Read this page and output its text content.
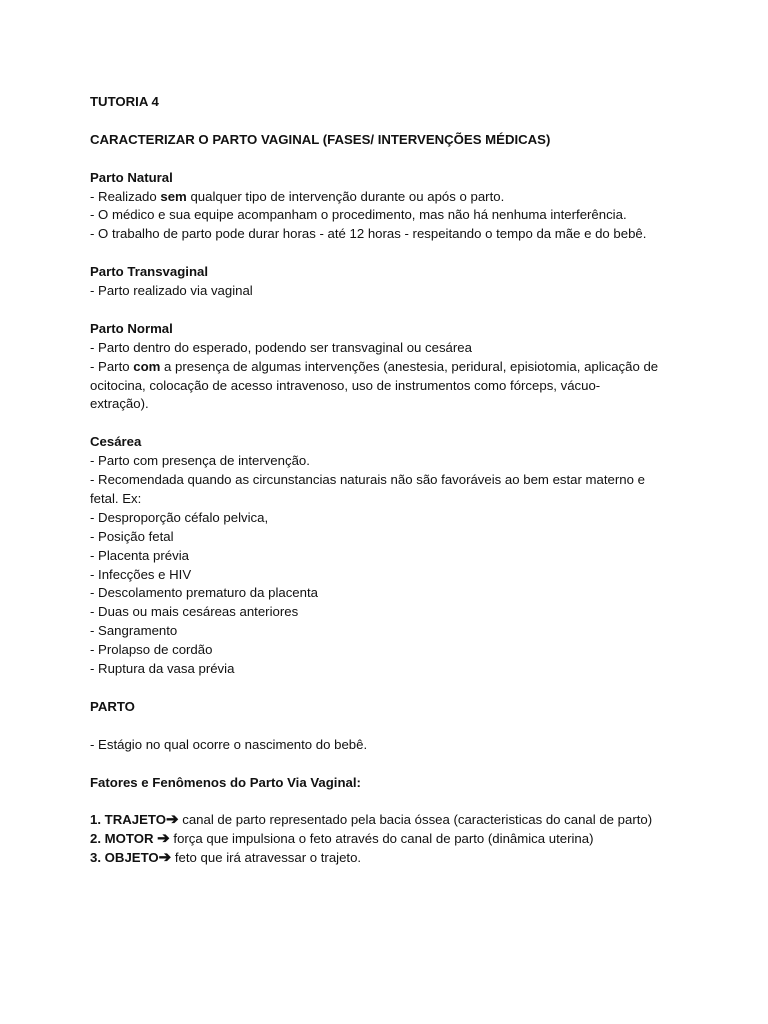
TUTORIA 4

CARACTERIZAR O PARTO VAGINAL (FASES/ INTERVENÇÕES MÉDICAS)

Parto Natural

- Realizado sem qualquer tipo de intervenção durante ou após o parto.

- O médico e sua equipe acompanham o procedimento, mas não há nenhuma interferência.

- O trabalho de parto pode durar horas - até 12 horas - respeitando o tempo da mãe e do bebê.

Parto Transvaginal

- Parto realizado via vaginal

Parto Normal

- Parto dentro do esperado, podendo ser transvaginal ou cesárea

- Parto com a presença de algumas intervenções (anestesia, peridural, episiotomia, aplicação de

ocitocina, colocação de acesso intravenoso, uso de instrumentos como fórceps, vácuo-

extração).

Cesárea

- Parto com presença de intervenção.

- Recomendada quando as circunstancias naturais não são favoráveis ao bem estar materno e

fetal. Ex:

- Desproporção céfalo pelvica,

- Posição fetal

- Placenta prévia

- Infecções e HIV

- Descolamento prematuro da placenta

- Duas ou mais cesáreas anteriores

- Sangramento

- Prolapso de cordão

- Ruptura da vasa prévia

PARTO

- Estágio no qual ocorre o nascimento do bebê.

Fatores e Fenômenos do Parto Via Vaginal:

1. TRAJETO➔ canal de parto representado pela bacia óssea (caracteristicas do canal de parto)

2. MOTOR ➔ força que impulsiona o feto através do canal de parto (dinâmica uterina)

3. OBJETO➔ feto que irá atravessar o trajeto.
